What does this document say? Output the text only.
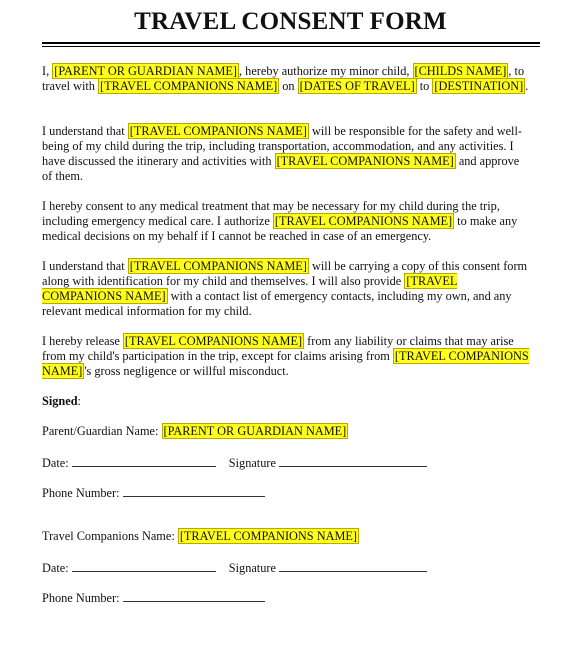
TRAVEL CONSENT FORM
I, [PARENT OR GUARDIAN NAME] , hereby authorize my minor child, [CHILDS NAME] , to travel with [TRAVEL COMPANIONS NAME] on [DATES OF TRAVEL] to [DESTINATION] .
I understand that [TRAVEL COMPANIONS NAME] will be responsible for the safety and well-being of my child during the trip, including transportation, accommodation, and any activities. I have discussed the itinerary and activities with [TRAVEL COMPANIONS NAME] and approve of them.
I hereby consent to any medical treatment that may be necessary for my child during the trip, including emergency medical care. I authorize [TRAVEL COMPANIONS NAME] to make any medical decisions on my behalf if I cannot be reached in case of an emergency.
I understand that [TRAVEL COMPANIONS NAME] will be carrying a copy of this consent form along with identification for my child and themselves. I will also provide [TRAVEL COMPANIONS NAME] with a contact list of emergency contacts, including my own, and any relevant medical information for my child.
I hereby release [TRAVEL COMPANIONS NAME] from any liability or claims that may arise from my child's participation in the trip, except for claims arising from [TRAVEL COMPANIONS NAME] 's gross negligence or willful misconduct.
Signed:
Parent/Guardian Name: [PARENT OR GUARDIAN NAME]
Date:	Signature
Phone Number:
Travel Companions Name: [TRAVEL COMPANIONS NAME]
Date:	Signature
Phone Number:
